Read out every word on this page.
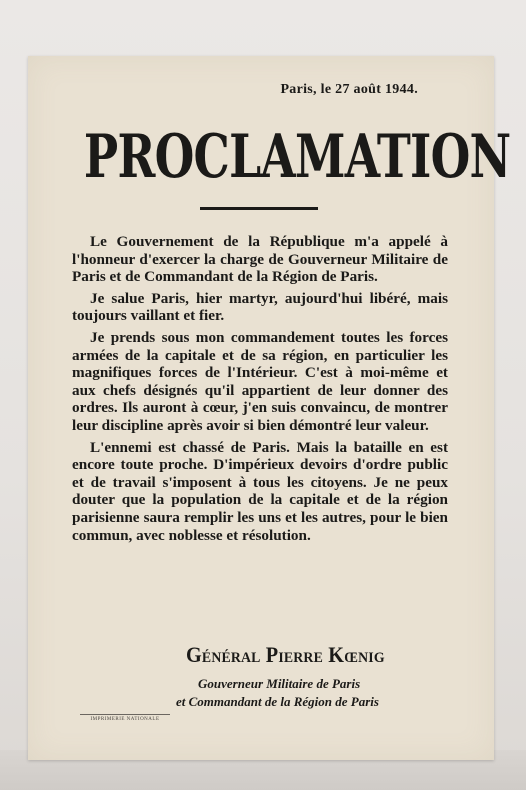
Paris, le 27 août 1944.
PROCLAMATION

Le Gouvernement de la République m'a appelé à l'honneur d'exercer la charge de Gouverneur Militaire de Paris et de Commandant de la Région de Paris.

Je salue Paris, hier martyr, aujourd'hui libéré, mais toujours vaillant et fier.

Je prends sous mon commandement toutes les forces armées de la capitale et de sa région, en particulier les magnifiques forces de l'Intérieur. C'est à moi-même et aux chefs désignés qu'il appartient de leur donner des ordres. Ils auront à cœur, j'en suis convaincu, de montrer leur discipline après avoir si bien démontré leur valeur.

L'ennemi est chassé de Paris. Mais la bataille en est encore toute proche. D'impérieux devoirs d'ordre public et de travail s'imposent à tous les citoyens. Je ne peux douter que la population de la capitale et de la région parisienne saura remplir les uns et les autres, pour le bien commun, avec noblesse et résolution.

Général Pierre Kœnig
Gouverneur Militaire de Paris
et Commandant de la Région de Paris
IMPRIMERIE NATIONALE
